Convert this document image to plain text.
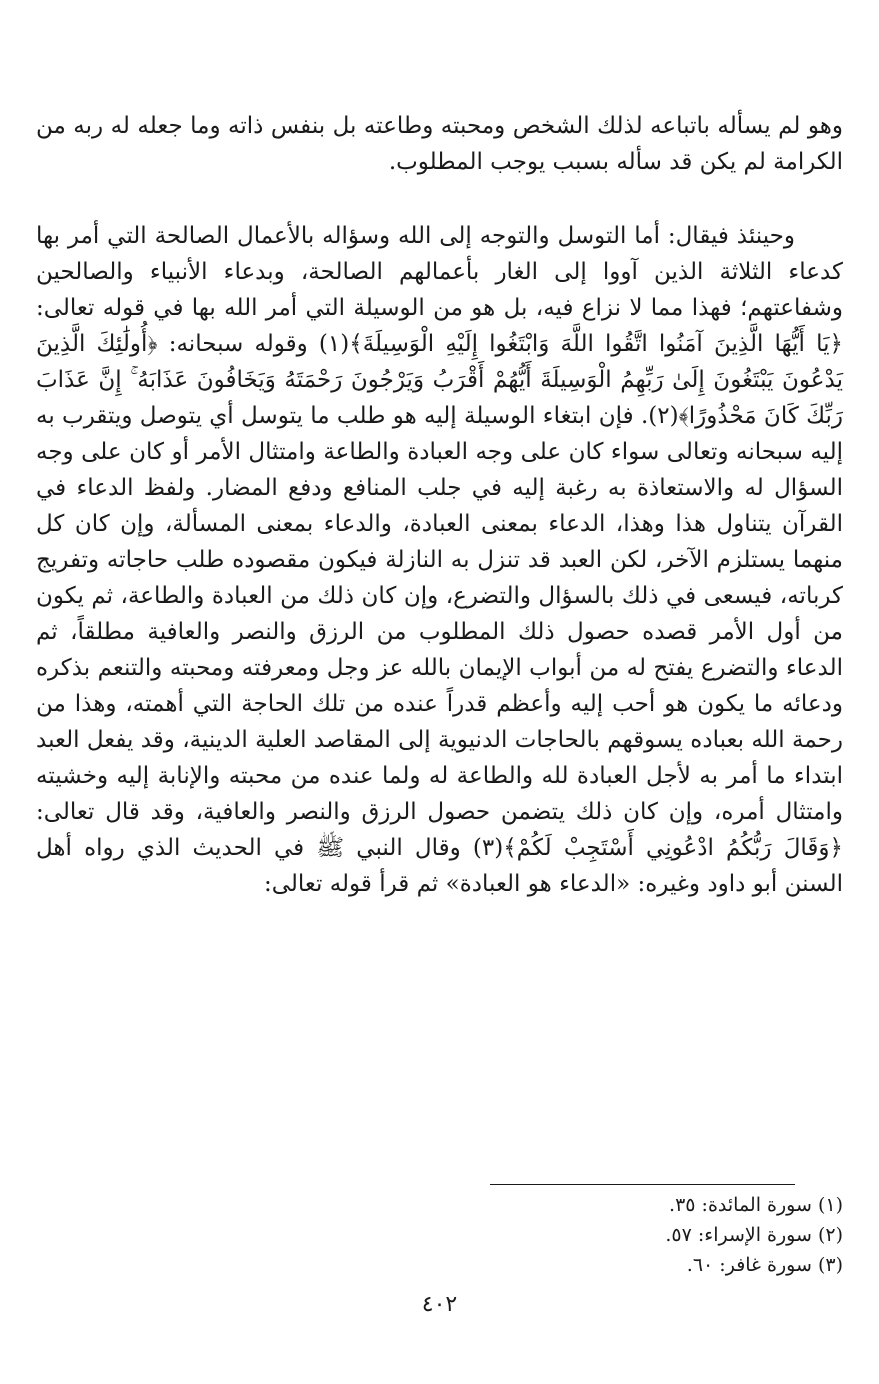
وهو لم يسأله باتباعه لذلك الشخص ومحبته وطاعته بل بنفس ذاته وما جعله له ربه من الكرامة لم يكن قد سأله بسبب يوجب المطلوب.

وحينئذ فيقال: أما التوسل والتوجه إلى الله وسؤاله بالأعمال الصالحة التي أمر بها كدعاء الثلاثة الذين آووا إلى الغار بأعمالهم الصالحة، وبدعاء الأنبياء والصالحين وشفاعتهم؛ فهذا مما لا نزاع فيه، بل هو من الوسيلة التي أمر الله بها في قوله تعالى: ﴿يَا أَيُّهَا الَّذِينَ آمَنُوا اتَّقُوا اللَّهَ وَابْتَغُوا إِلَيْهِ الْوَسِيلَةَ﴾(١) وقوله سبحانه: ﴿أُولَٰئِكَ الَّذِينَ يَدْعُونَ يَبْتَغُونَ إِلَىٰ رَبِّهِمُ الْوَسِيلَةَ أَيُّهُمْ أَقْرَبُ وَيَرْجُونَ رَحْمَتَهُ وَيَخَافُونَ عَذَابَهُ ۚ إِنَّ عَذَابَ رَبِّكَ كَانَ مَحْذُورًا﴾(٢). فإن ابتغاء الوسيلة إليه هو طلب ما يتوسل أي يتوصل ويتقرب به إليه سبحانه وتعالى سواء كان على وجه العبادة والطاعة وامتثال الأمر أو كان على وجه السؤال له والاستعاذة به رغبة إليه في جلب المنافع ودفع المضار. ولفظ الدعاء في القرآن يتناول هذا وهذا، الدعاء بمعنى العبادة، والدعاء بمعنى المسألة، وإن كان كل منهما يستلزم الآخر، لكن العبد قد تنزل به النازلة فيكون مقصوده طلب حاجاته وتفريج كرباته، فيسعى في ذلك بالسؤال والتضرع، وإن كان ذلك من العبادة والطاعة، ثم يكون من أول الأمر قصده حصول ذلك المطلوب من الرزق والنصر والعافية مطلقاً، ثم الدعاء والتضرع يفتح له من أبواب الإيمان بالله عز وجل ومعرفته ومحبته والتنعم بذكره ودعائه ما يكون هو أحب إليه وأعظم قدراً عنده من تلك الحاجة التي أهمته، وهذا من رحمة الله بعباده يسوقهم بالحاجات الدنيوية إلى المقاصد العلية الدينية، وقد يفعل العبد ابتداء ما أمر به لأجل العبادة لله والطاعة له ولما عنده من محبته والإنابة إليه وخشيته وامتثال أمره، وإن كان ذلك يتضمن حصول الرزق والنصر والعافية، وقد قال تعالى: ﴿وَقَالَ رَبُّكُمُ ادْعُونِي أَسْتَجِبْ لَكُمْ﴾(٣) وقال النبي ﷺ في الحديث الذي رواه أهل السنن أبو داود وغيره: «الدعاء هو العبادة» ثم قرأ قوله تعالى:

(١) سورة المائدة: ٣٥.

(٢) سورة الإسراء: ٥٧.

(٣) سورة غافر: ٦٠.

٤٠٢
